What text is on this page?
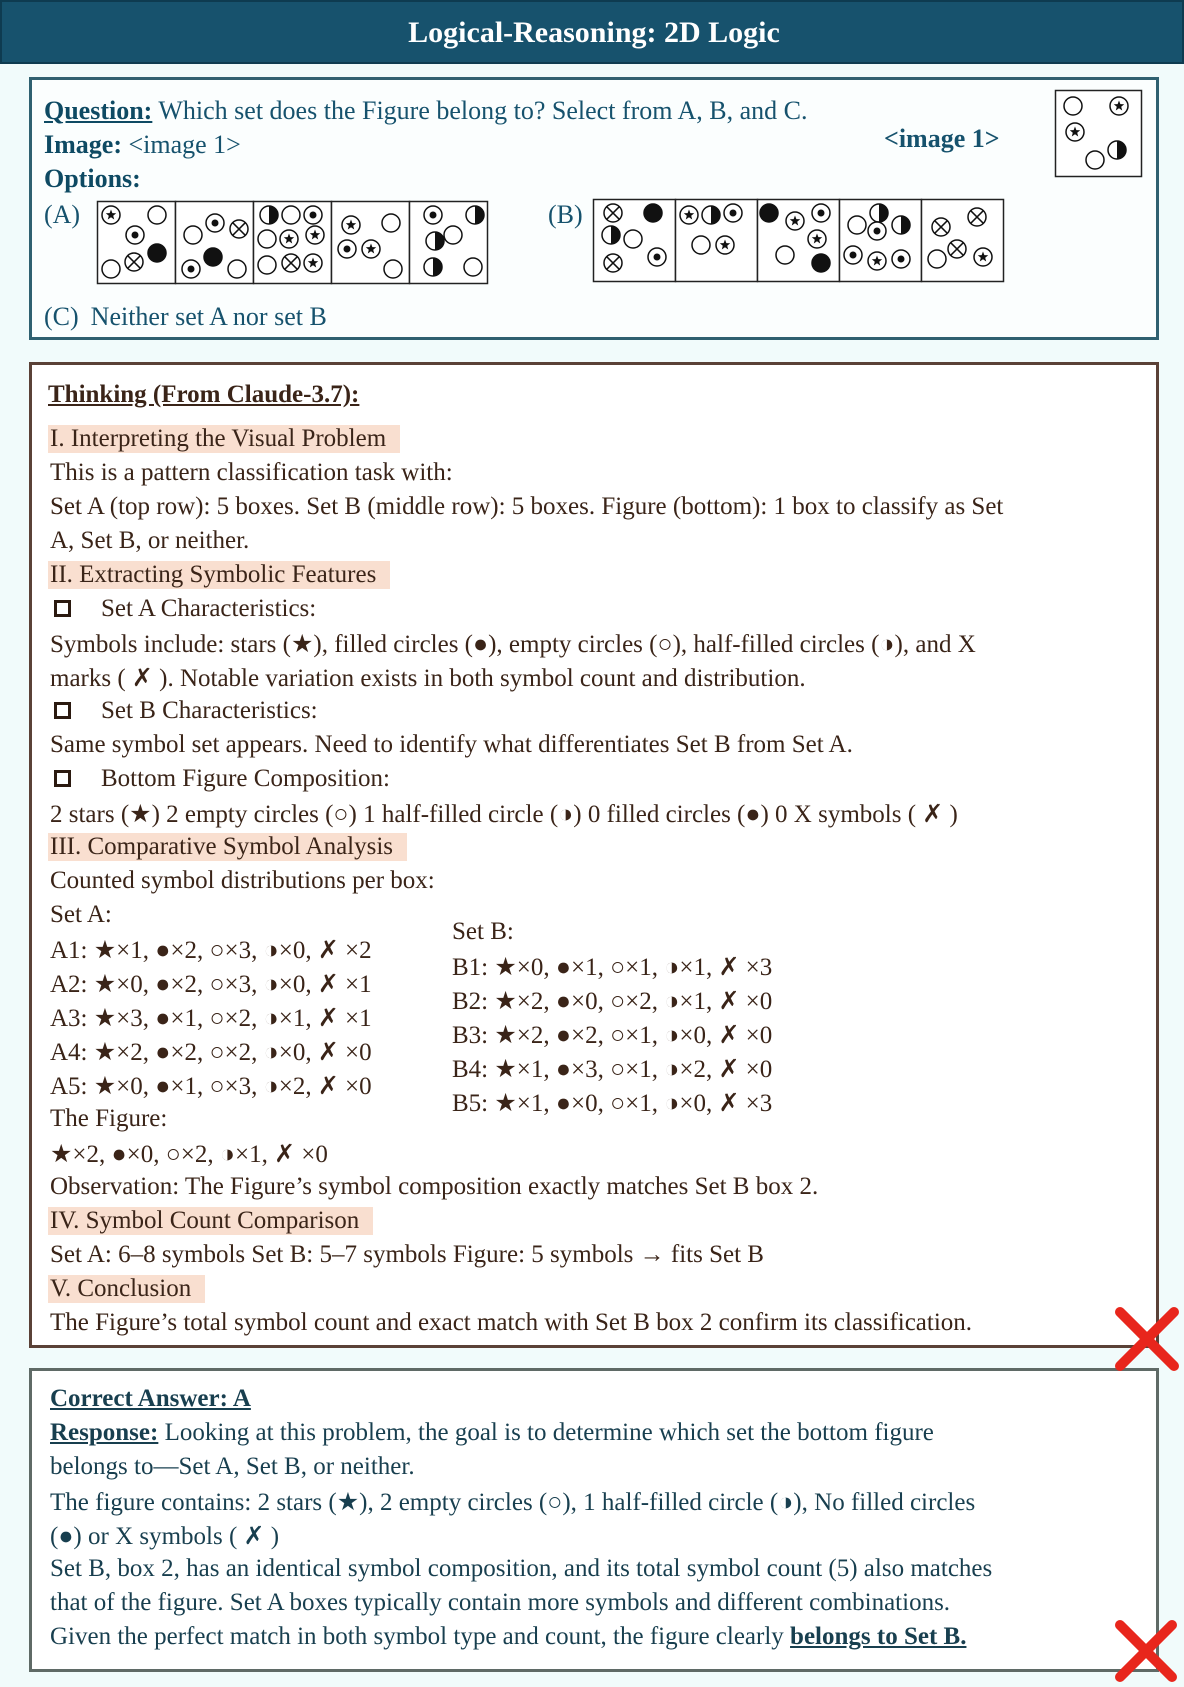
Logical-Reasoning: 2D Logic
Question: Which set does the Figure belong to? Select from A, B, and C.
Image: <image 1>	<image 1>
Options:
(A)	(B)
(C) Neither set A nor set B
Thinking (From Claude-3.7):
I. Interpreting the Visual Problem
This is a pattern classification task with:
Set A (top row): 5 boxes. Set B (middle row): 5 boxes. Figure (bottom): 1 box to classify as Set
A, Set B, or neither.
II. Extracting Symbolic Features
Set A Characteristics:
Symbols include: stars (★), filled circles (●), empty circles (○), half-filled circles (◑), and X
marks ( ✗ ). Notable variation exists in both symbol count and distribution.
Set B Characteristics:
Same symbol set appears. Need to identify what differentiates Set B from Set A.
Bottom Figure Composition:
2 stars (★) 2 empty circles (○) 1 half-filled circle (◑) 0 filled circles (●) 0 X symbols ( ✗ )
III. Comparative Symbol Analysis
Counted symbol distributions per box:
Set A:
Set B:
A1: ★×1, ●×2, ○×3, ◑×0, ✗ ×2
A2: ★×0, ●×2, ○×3, ◑×0, ✗ ×1
A3: ★×3, ●×1, ○×2, ◑×1, ✗ ×1
A4: ★×2, ●×2, ○×2, ◑×0, ✗ ×0
A5: ★×0, ●×1, ○×3, ◑×2, ✗ ×0
B1: ★×0, ●×1, ○×1, ◑×1, ✗ ×3
B2: ★×2, ●×0, ○×2, ◑×1, ✗ ×0
B3: ★×2, ●×2, ○×1, ◑×0, ✗ ×0
B4: ★×1, ●×3, ○×1, ◑×2, ✗ ×0
B5: ★×1, ●×0, ○×1, ◑×0, ✗ ×3
The Figure:
★×2, ●×0, ○×2, ◑×1, ✗ ×0
Observation: The Figure’s symbol composition exactly matches Set B box 2.
IV. Symbol Count Comparison
Set A: 6–8 symbols Set B: 5–7 symbols Figure: 5 symbols → fits Set B
V. Conclusion
The Figure’s total symbol count and exact match with Set B box 2 confirm its classification.
Correct Answer: A
Response: Looking at this problem, the goal is to determine which set the bottom figure
belongs to—Set A, Set B, or neither.
The figure contains: 2 stars (★), 2 empty circles (○), 1 half-filled circle (◑), No filled circles
(●) or X symbols ( ✗ )
Set B, box 2, has an identical symbol composition, and its total symbol count (5) also matches
that of the figure. Set A boxes typically contain more symbols and different combinations.
Given the perfect match in both symbol type and count, the figure clearly belongs to Set B.
